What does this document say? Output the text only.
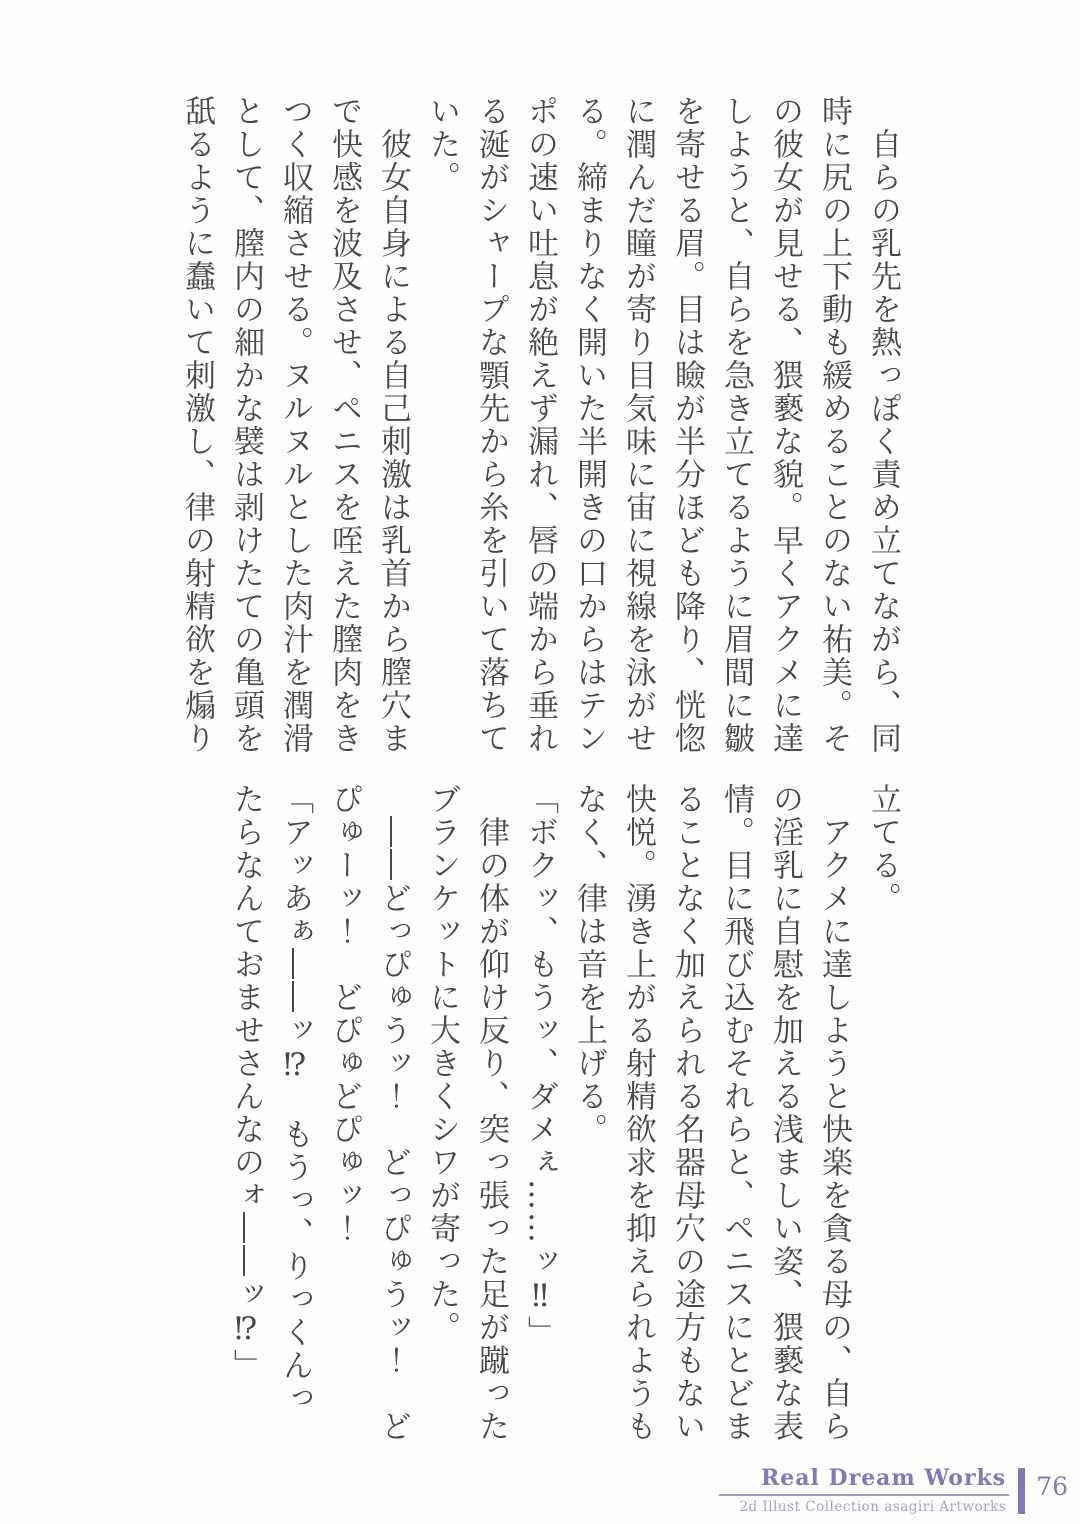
自らの乳先を熱っぽく責め立てながら、同時に尻の上下動も緩めることのない祐美。その彼女が見せる、猥褻な貌。早くアクメに達しようと、自らを急き立てるように眉間に皺を寄せる眉。目は瞼が半分ほども降り、恍惚に潤んだ瞳が寄り目気味に宙に視線を泳がせる。締まりなく開いた半開きの口からはテンポの速い吐息が絶えず漏れ、唇の端から垂れる涎がシャープな顎先から糸を引いて落ちていた。

彼女自身による自己刺激は乳首から膣穴まで快感を波及させ、ペニスを咥えた膣肉をきつく収縮させる。ヌルヌルとした肉汁を潤滑として、膣内の細かな襞は剥けたての亀頭を舐るように蠢いて刺激し、律の射精欲を煽り

立てる。

アクメに達しようと快楽を貪る母の、自らの淫乳に自慰を加える浅ましい姿、猥褻な表情。目に飛び込むそれらと、ペニスにとどまることなく加えられる名器母穴の途方もない快悦。湧き上がる射精欲求を抑えられようもなく、律は音を上げる。

「ボクッ、もうッ、ダメぇ……ッ‼」

律の体が仰け反り、突っ張った足が蹴ったブランケットに大きくシワが寄った。

――どっぴゅうッ！　どっぴゅうッ！　どぴゅーッ！　どぴゅどぴゅッ！

「アッあぁ――ッ⁉　もうっ、りっくんったらなんておませさんなのォ――ッ⁉」

Real Dream Works
2d Illust Collection asagiri Artworks
76
